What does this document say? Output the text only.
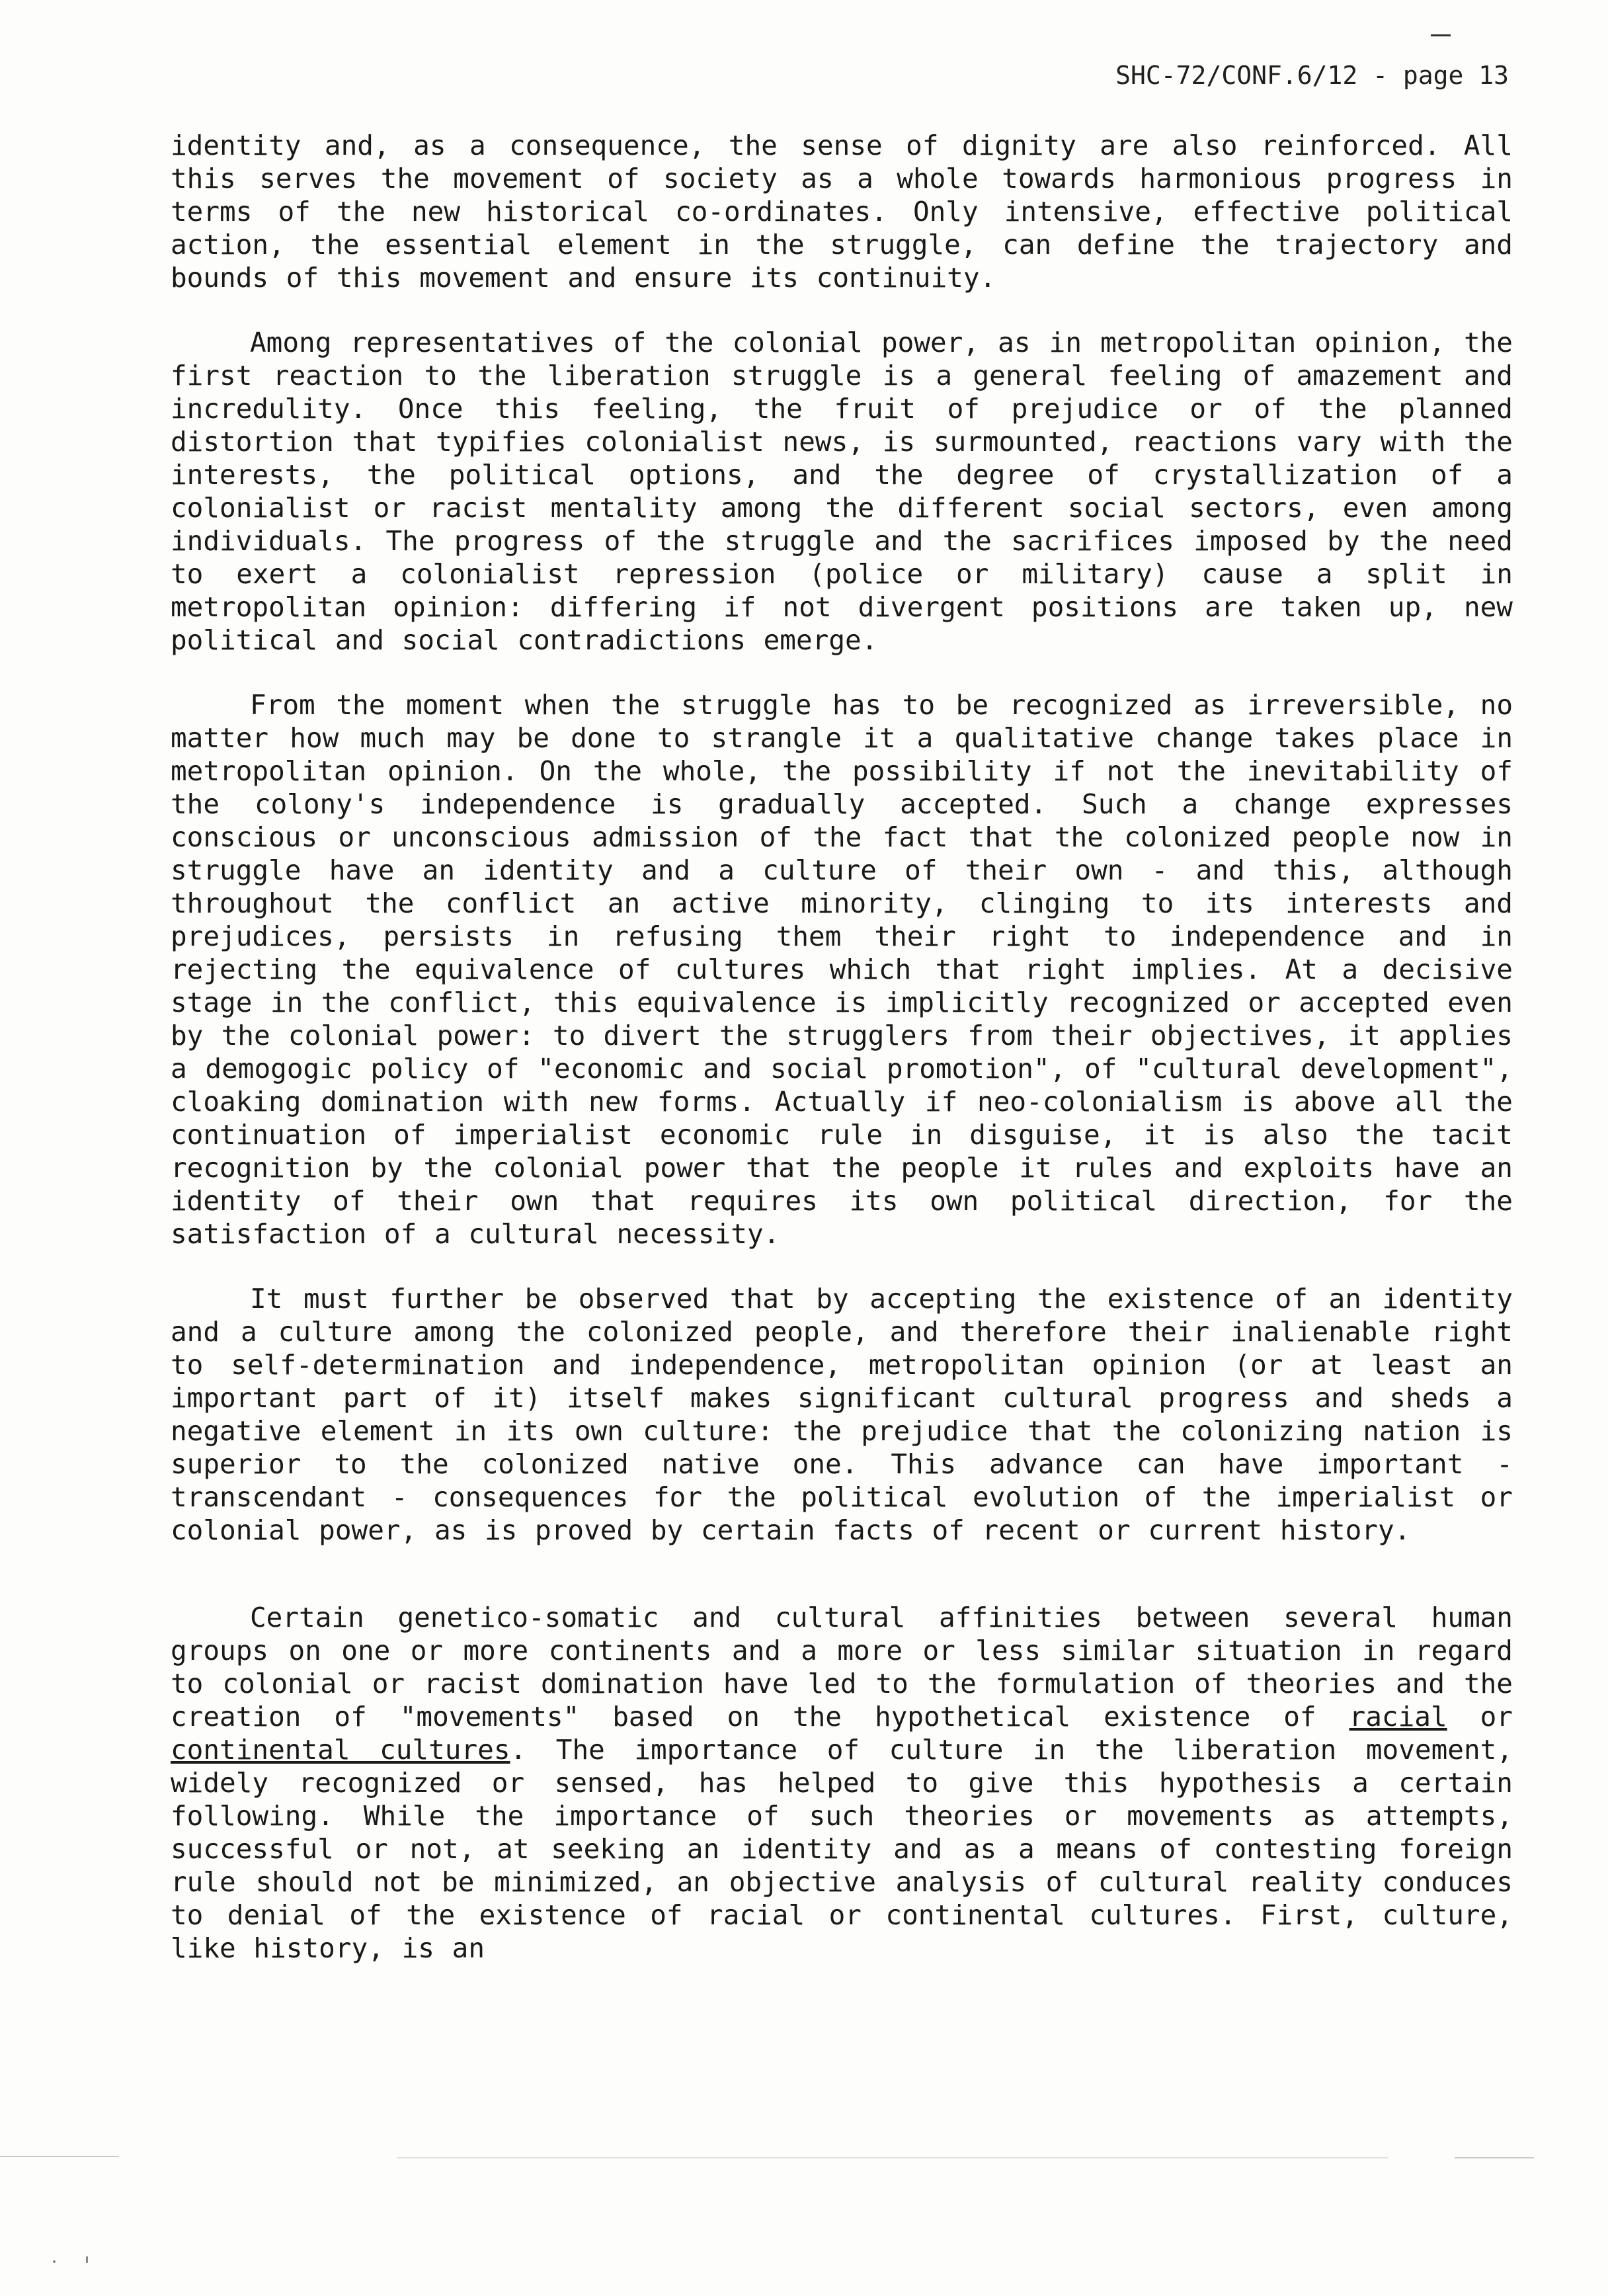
SHC-72/CONF.6/12 - page 13

identity and, as a consequence, the sense of dignity are also reinforced. All this serves the movement of society as a whole towards harmonious progress in terms of the new historical co-ordinates. Only intensive, effective political action, the essential element in the struggle, can define the trajectory and bounds of this movement and ensure its continuity.

Among representatives of the colonial power, as in metropolitan opinion, the first reaction to the liberation struggle is a general feeling of amazement and incredulity. Once this feeling, the fruit of prejudice or of the planned distortion that typifies colonialist news, is surmounted, reactions vary with the interests, the political options, and the degree of crystallization of a colonialist or racist mentality among the different social sectors, even among individuals. The progress of the struggle and the sacrifices imposed by the need to exert a colonialist repression (police or military) cause a split in metropolitan opinion: differing if not divergent positions are taken up, new political and social contradictions emerge.

From the moment when the struggle has to be recognized as irreversible, no matter how much may be done to strangle it a qualitative change takes place in metropolitan opinion. On the whole, the possibility if not the inevitability of the colony's independence is gradually accepted. Such a change expresses conscious or unconscious admission of the fact that the colonized people now in struggle have an identity and a culture of their own - and this, although throughout the conflict an active minority, clinging to its interests and prejudices, persists in refusing them their right to independence and in rejecting the equivalence of cultures which that right implies. At a decisive stage in the conflict, this equivalence is implicitly recognized or accepted even by the colonial power: to divert the strugglers from their objectives, it applies a demogogic policy of "economic and social promotion", of "cultural development", cloaking domination with new forms. Actually if neo-colonialism is above all the continuation of imperialist economic rule in disguise, it is also the tacit recognition by the colonial power that the people it rules and exploits have an identity of their own that requires its own political direction, for the satisfaction of a cultural necessity.

It must further be observed that by accepting the existence of an identity and a culture among the colonized people, and therefore their inalienable right to self-determination and independence, metropolitan opinion (or at least an important part of it) itself makes significant cultural progress and sheds a negative element in its own culture: the prejudice that the colonizing nation is superior to the colonized native one. This advance can have important - transcendant - consequences for the political evolution of the imperialist or colonial power, as is proved by certain facts of recent or current history.

Certain genetico-somatic and cultural affinities between several human groups on one or more continents and a more or less similar situation in regard to colonial or racist domination have led to the formulation of theories and the creation of "movements" based on the hypothetical existence of racial or continental cultures. The importance of culture in the liberation movement, widely recognized or sensed, has helped to give this hypothesis a certain following. While the importance of such theories or movements as attempts, successful or not, at seeking an identity and as a means of contesting foreign rule should not be minimized, an objective analysis of cultural reality conduces to denial of the existence of racial or continental cultures. First, culture, like history, is an
